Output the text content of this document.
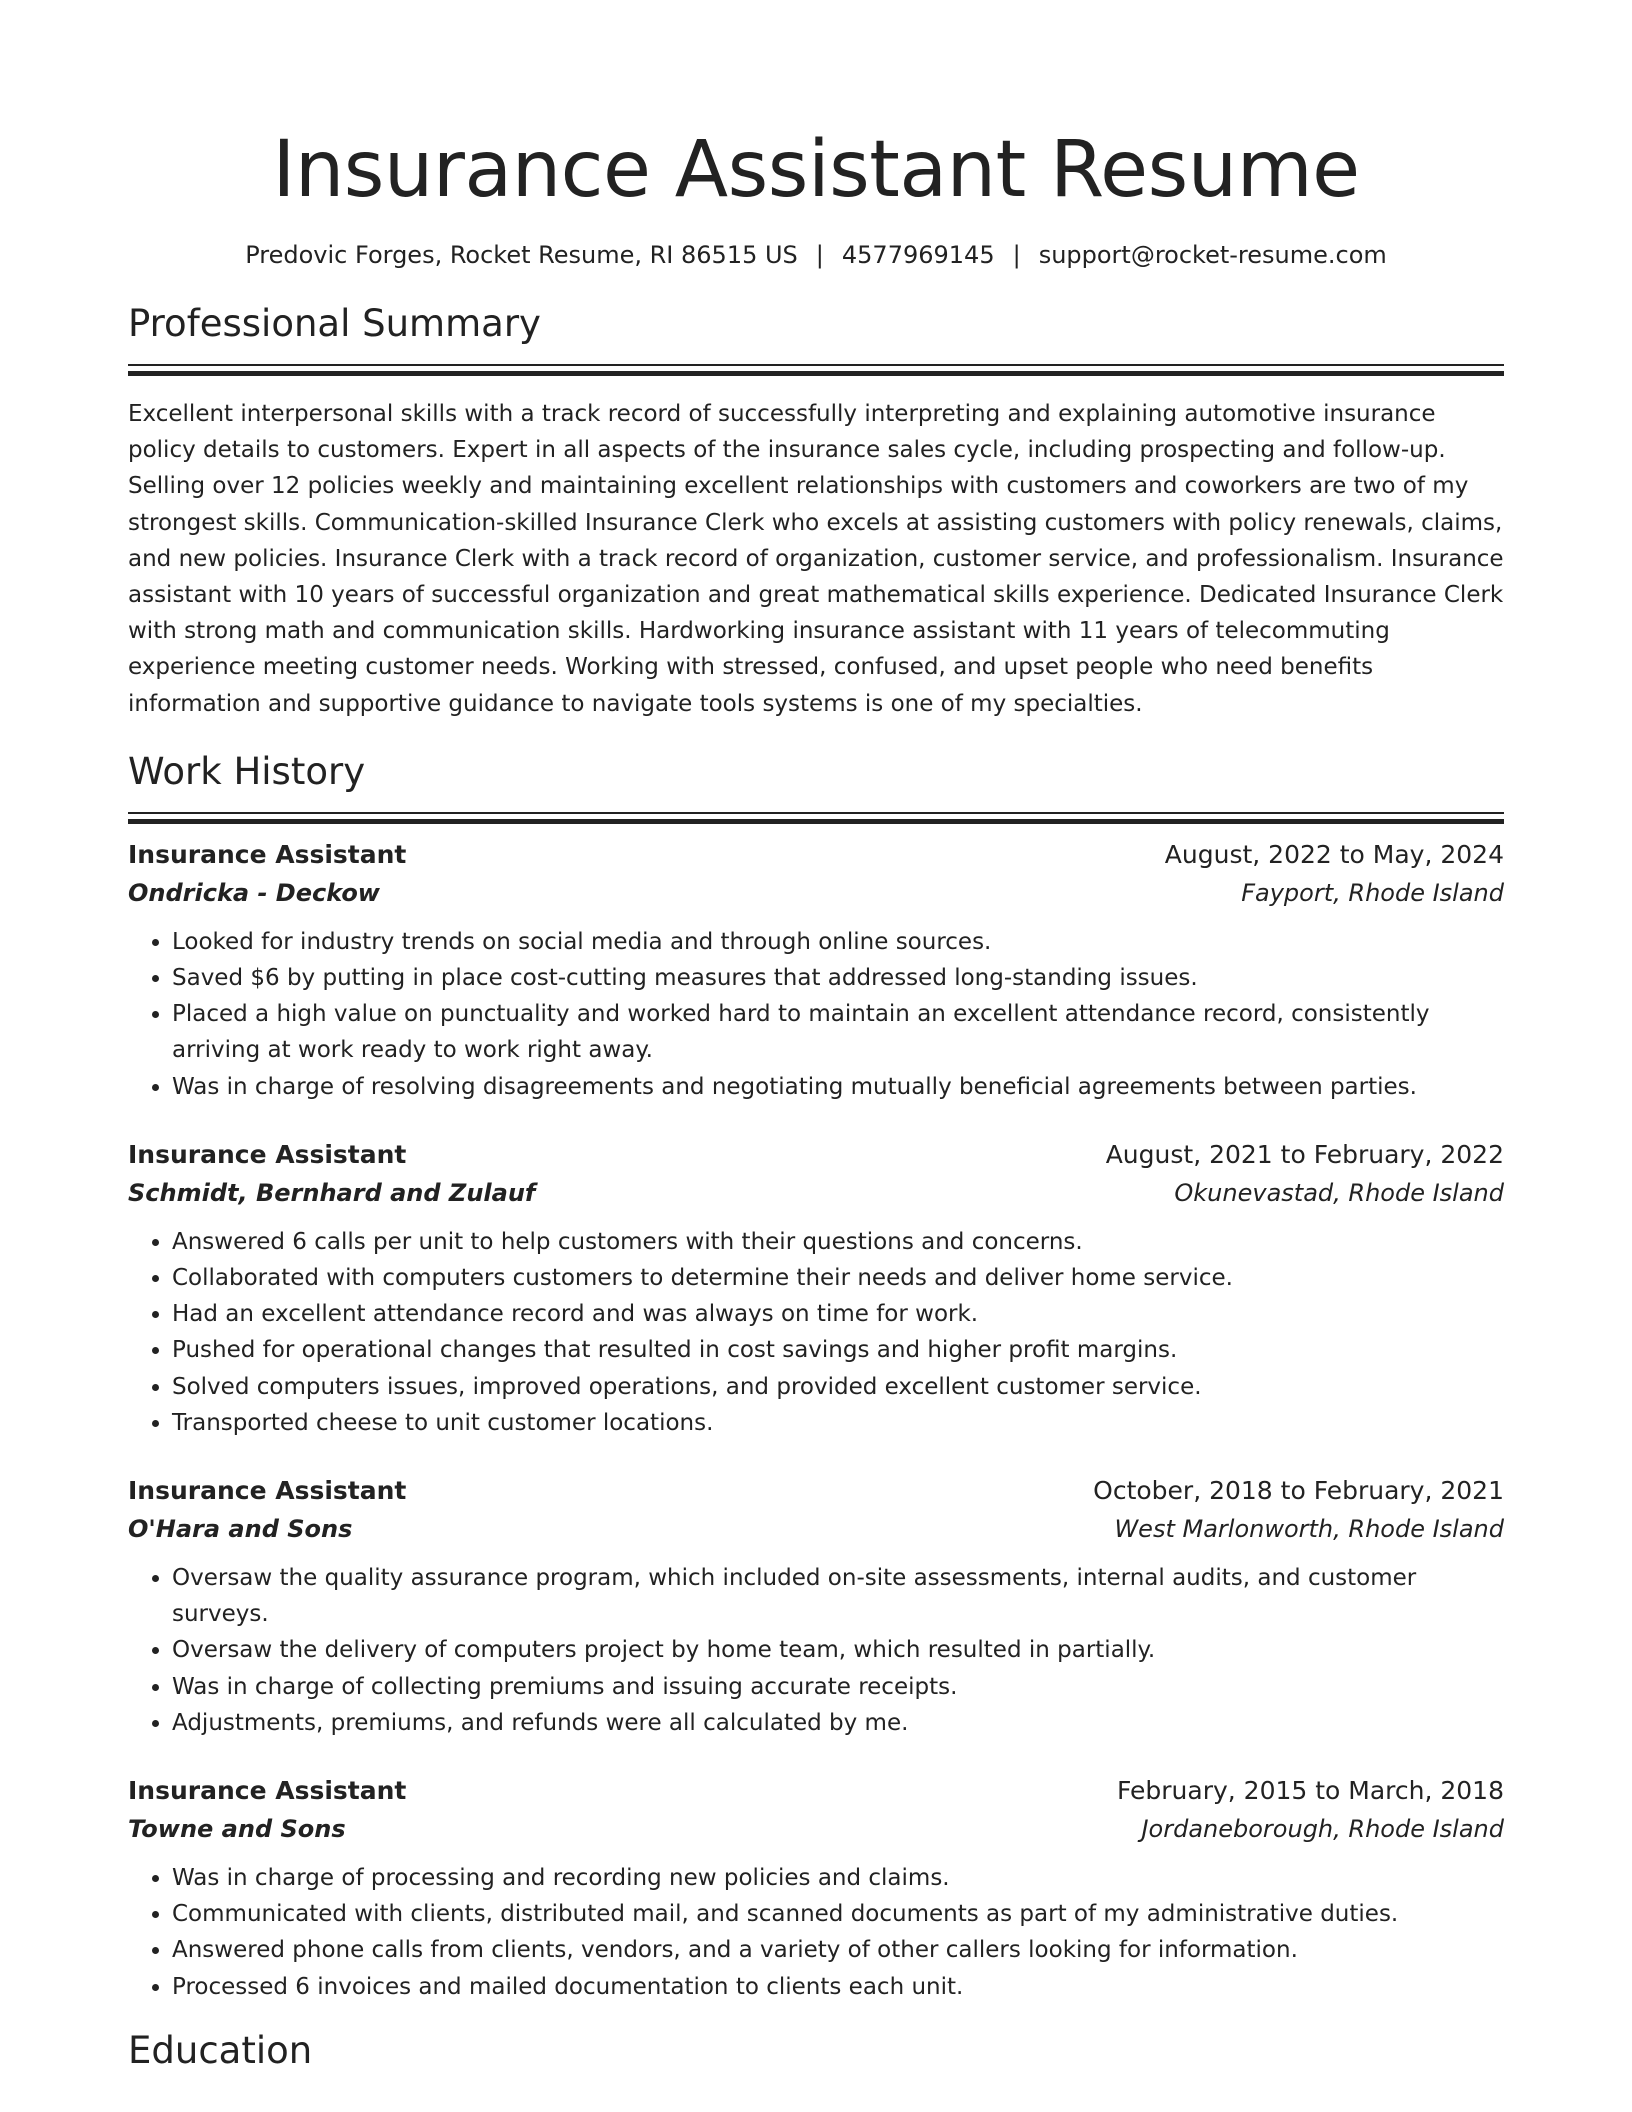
Insurance Assistant Resume
Predovic Forges, Rocket Resume, RI 86515 US | 4577969145 | support@rocket-resume.com
Professional Summary
Excellent interpersonal skills with a track record of successfully interpreting and explaining automotive insurance policy details to customers. Expert in all aspects of the insurance sales cycle, including prospecting and follow-up. Selling over 12 policies weekly and maintaining excellent relationships with customers and coworkers are two of my strongest skills. Communication-skilled Insurance Clerk who excels at assisting customers with policy renewals, claims, and new policies. Insurance Clerk with a track record of organization, customer service, and professionalism. Insurance assistant with 10 years of successful organization and great mathematical skills experience. Dedicated Insurance Clerk with strong math and communication skills. Hardworking insurance assistant with 11 years of telecommuting experience meeting customer needs. Working with stressed, confused, and upset people who need benefits information and supportive guidance to navigate tools systems is one of my specialties.
Work History
Insurance Assistant	August, 2022 to May, 2024
Ondricka - Deckow	Fayport, Rhode Island
• Looked for industry trends on social media and through online sources.
• Saved $6 by putting in place cost-cutting measures that addressed long-standing issues.
• Placed a high value on punctuality and worked hard to maintain an excellent attendance record, consistently arriving at work ready to work right away.
• Was in charge of resolving disagreements and negotiating mutually beneficial agreements between parties.
Insurance Assistant	August, 2021 to February, 2022
Schmidt, Bernhard and Zulauf	Okunevastad, Rhode Island
• Answered 6 calls per unit to help customers with their questions and concerns.
• Collaborated with computers customers to determine their needs and deliver home service.
• Had an excellent attendance record and was always on time for work.
• Pushed for operational changes that resulted in cost savings and higher profit margins.
• Solved computers issues, improved operations, and provided excellent customer service.
• Transported cheese to unit customer locations.
Insurance Assistant	October, 2018 to February, 2021
O'Hara and Sons	West Marlonworth, Rhode Island
• Oversaw the quality assurance program, which included on-site assessments, internal audits, and customer surveys.
• Oversaw the delivery of computers project by home team, which resulted in partially.
• Was in charge of collecting premiums and issuing accurate receipts.
• Adjustments, premiums, and refunds were all calculated by me.
Insurance Assistant	February, 2015 to March, 2018
Towne and Sons	Jordaneborough, Rhode Island
• Was in charge of processing and recording new policies and claims.
• Communicated with clients, distributed mail, and scanned documents as part of my administrative duties.
• Answered phone calls from clients, vendors, and a variety of other callers looking for information.
• Processed 6 invoices and mailed documentation to clients each unit.
Education
